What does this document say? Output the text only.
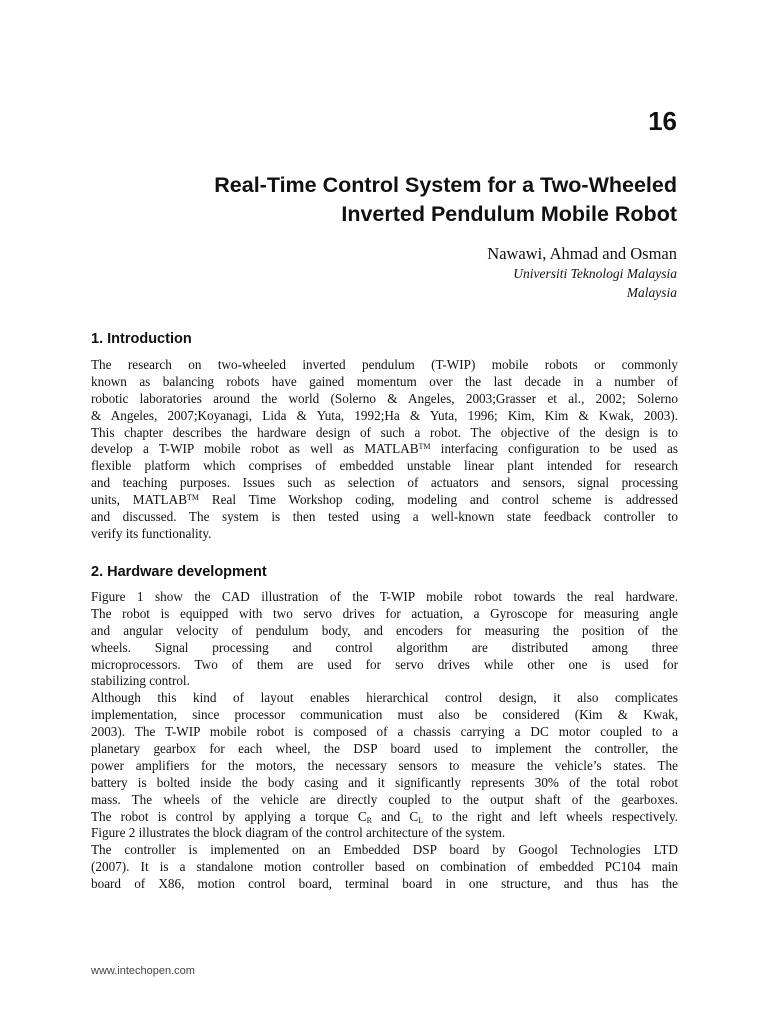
16
Real-Time Control System for a Two-Wheeled
Inverted Pendulum Mobile Robot
Nawawi, Ahmad and Osman
Universiti Teknologi Malaysia
Malaysia
1. Introduction
The research on two-wheeled inverted pendulum (T-WIP) mobile robots or commonly
known as balancing robots have gained momentum over the last decade in a number of
robotic laboratories around the world (Solerno & Angeles, 2003;Grasser et al., 2002; Solerno
& Angeles, 2007;Koyanagi, Lida & Yuta, 1992;Ha & Yuta, 1996; Kim, Kim & Kwak, 2003).
This chapter describes the hardware design of such a robot. The objective of the design is to
develop a T-WIP mobile robot as well as MATLAB™ interfacing configuration to be used as
flexible platform which comprises of embedded unstable linear plant intended for research
and teaching purposes. Issues such as selection of actuators and sensors, signal processing
units, MATLAB™ Real Time Workshop coding, modeling and control scheme is addressed
and discussed. The system is then tested using a well-known state feedback controller to
verify its functionality.
2. Hardware development
Figure 1 show the CAD illustration of the T-WIP mobile robot towards the real hardware.
The robot is equipped with two servo drives for actuation, a Gyroscope for measuring angle
and angular velocity of pendulum body, and encoders for measuring the position of the
wheels. Signal processing and control algorithm are distributed among three
microprocessors. Two of them are used for servo drives while other one is used for
stabilizing control.
Although this kind of layout enables hierarchical control design, it also complicates
implementation, since processor communication must also be considered (Kim & Kwak,
2003). The T-WIP mobile robot is composed of a chassis carrying a DC motor coupled to a
planetary gearbox for each wheel, the DSP board used to implement the controller, the
power amplifiers for the motors, the necessary sensors to measure the vehicle’s states. The
battery is bolted inside the body casing and it significantly represents 30% of the total robot
mass. The wheels of the vehicle are directly coupled to the output shaft of the gearboxes.
The robot is control by applying a torque $C_R$ and $C_L$ to the right and left wheels respectively.
Figure 2 illustrates the block diagram of the control architecture of the system.
The controller is implemented on an Embedded DSP board by Googol Technologies LTD
(2007). It is a standalone motion controller based on combination of embedded PC104 main
board of X86, motion control board, terminal board in one structure, and thus has the
www.intechopen.com
